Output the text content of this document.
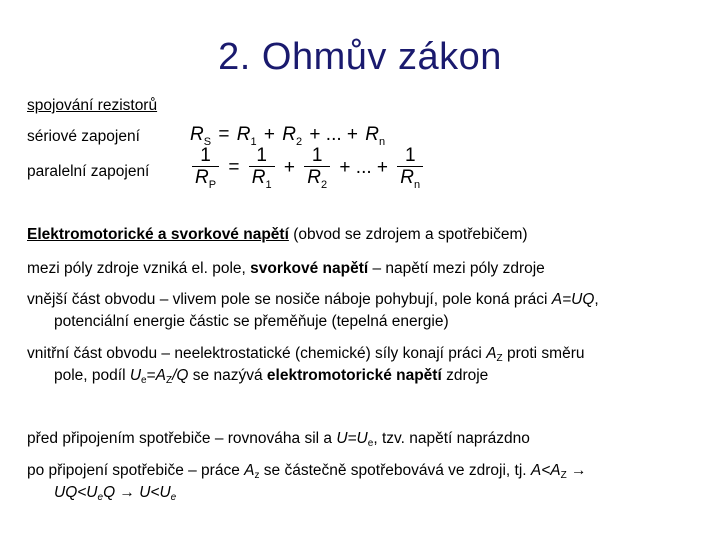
2. Ohmův zákon
spojování rezistorů
sériové zapojení
paralelní zapojení
$R_S = R_1 + R_2$ + ... + $R_n$
$\frac{1}{R_P} = \frac{1}{R_1} + \frac{1}{R_2}$ + ... + $\frac{1}{R_n}$
Elektromotorické a svorkové napětí (obvod se zdrojem a spotřebičem)
mezi póly zdroje vzniká el. pole, svorkové napětí – napětí mezi póly zdroje
vnější část obvodu – vlivem pole se nosiče náboje pohybují, pole koná práci A=UQ,
potenciální energie částic se přeměňuje (tepelná energie)
vnitřní část obvodu – neelektrostatické (chemické) síly konají práci $A_Z$ proti směru
pole, podíl $U_e=A_Z/Q$ se nazývá elektromotorické napětí zdroje
před připojením spotřebiče – rovnováha sil a $U=U_e$, tzv. napětí naprázdno
po připojení spotřebiče – práce $A_z$ se částečně spotřebovává ve zdroji, tj. $A<A_Z$ →
$UQ<U_eQ \to U<U_e$
